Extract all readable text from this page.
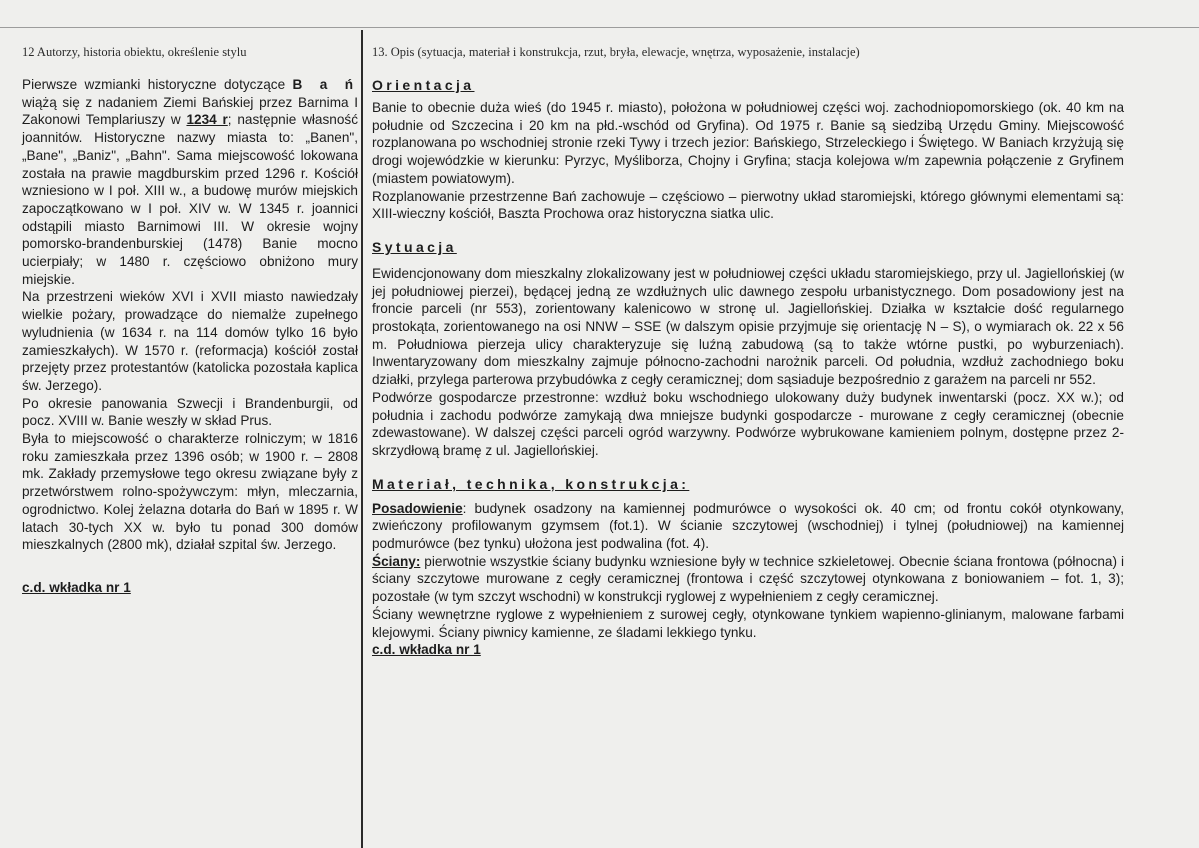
12 Autorzy, historia obiektu, określenie stylu

Pierwsze wzmianki historyczne dotyczące B a ń wiążą się z nadaniem Ziemi Bańskiej przez Barnima I Zakonowi Templariuszy w 1234 r; następnie własność joannitów. Historyczne nazwy miasta to: „Banen", „Bane", „Baniz", „Bahn". Sama miejscowość lokowana została na prawie magdburskim przed 1296 r. Kościół wzniesiono w I poł. XIII w., a budowę murów miejskich zapoczątkowano w I poł. XIV w. W 1345 r. joannici odstąpili miasto Barnimowi III. W okresie wojny pomorsko-brandenburskiej (1478) Banie mocno ucierpiały; w 1480 r. częściowo obniżono mury miejskie.

Na przestrzeni wieków XVI i XVII miasto nawiedzały wielkie pożary, prowadzące do niemalże zupełnego wyludnienia (w 1634 r. na 114 domów tylko 16 było zamieszkałych). W 1570 r. (reformacja) kościół został przejęty przez protestantów (katolicka pozostała kaplica św. Jerzego).

Po okresie panowania Szwecji i Brandenburgii, od pocz. XVIII w. Banie weszły w skład Prus.

Była to miejscowość o charakterze rolniczym; w 1816 roku zamieszkała przez 1396 osób; w 1900 r. – 2808 mk. Zakłady przemysłowe tego okresu związane były z przetwórstwem rolno-spożywczym: młyn, mleczarnia, ogrodnictwo. Kolej żelazna dotarła do Bań w 1895 r. W latach 30-tych XX w. było tu ponad 300 domów mieszkalnych (2800 mk), działał szpital św. Jerzego.

c.d. wkładka nr 1
13. Opis (sytuacja, materiał i konstrukcja, rzut, bryła, elewacje, wnętrza, wyposażenie, instalacje)

Orientacja

Banie to obecnie duża wieś (do 1945 r. miasto), położona w południowej części woj. zachodniopomorskiego (ok. 40 km na południe od Szczecina i 20 km na płd.-wschód od Gryfina). Od 1975 r. Banie są siedzibą Urzędu Gminy. Miejscowość rozplanowana po wschodniej stronie rzeki Tywy i trzech jezior: Bańskiego, Strzeleckiego i Świętego. W Baniach krzyżują się drogi wojewódzkie w kierunku: Pyrzyc, Myśliborza, Chojny i Gryfina; stacja kolejowa w/m zapewnia połączenie z Gryfinem (miastem powiatowym).

Rozplanowanie przestrzenne Bań zachowuje – częściowo – pierwotny układ staromiejski, którego głównymi elementami są: XIII-wieczny kościół, Baszta Prochowa oraz historyczna siatka ulic.

Sytuacja

Ewidencjonowany dom mieszkalny zlokalizowany jest w południowej części układu staromiejskiego, przy ul. Jagiellońskiej (w jej południowej pierzei), będącej jedną ze wzdłużnych ulic dawnego zespołu urbanistycznego. Dom posadowiony jest na froncie parceli (nr 553), zorientowany kalenicowo w stronę ul. Jagiellońskiej. Działka w kształcie dość regularnego prostokąta, zorientowanego na osi NNW – SSE (w dalszym opisie przyjmuje się orientację N – S), o wymiarach ok. 22 x 56 m. Południowa pierzeja ulicy charakteryzuje się luźną zabudową (są to także wtórne pustki, po wyburzeniach). Inwentaryzowany dom mieszkalny zajmuje północno-zachodni narożnik parceli. Od południa, wzdłuż zachodniego boku działki, przylega parterowa przybudówka z cegły ceramicznej; dom sąsiaduje bezpośrednio z garażem na parceli nr 552.

Podwórze gospodarcze przestronne: wzdłuż boku wschodniego ulokowany duży budynek inwentarski (pocz. XX w.); od południa i zachodu podwórze zamykają dwa mniejsze budynki gospodarcze - murowane z cegły ceramicznej (obecnie zdewastowane). W dalszej części parceli ogród warzywny. Podwórze wybrukowane kamieniem polnym, dostępne przez 2-skrzydłową bramę z ul. Jagiellońskiej.

Materiał, technika, konstrukcja:

Posadowienie: budynek osadzony na kamiennej podmurówce o wysokości ok. 40 cm; od frontu cokół otynkowany, zwieńczony profilowanym gzymsem (fot.1). W ścianie szczytowej (wschodniej) i tylnej (południowej) na kamiennej podmurówce (bez tynku) ułożona jest podwalina (fot. 4).

Ściany: pierwotnie wszystkie ściany budynku wzniesione były w technice szkieletowej. Obecnie ściana frontowa (północna) i ściany szczytowe murowane z cegły ceramicznej (frontowa i część szczytowej otynkowana z boniowaniem – fot. 1, 3); pozostałe (w tym szczyt wschodni) w konstrukcji ryglowej z wypełnieniem z cegły ceramicznej.

Ściany wewnętrzne ryglowe z wypełnieniem z surowej cegły, otynkowane tynkiem wapienno-glinianym, malowane farbami klejowymi. Ściany piwnicy kamienne, ze śladami lekkiego tynku.

c.d. wkładka nr 1
